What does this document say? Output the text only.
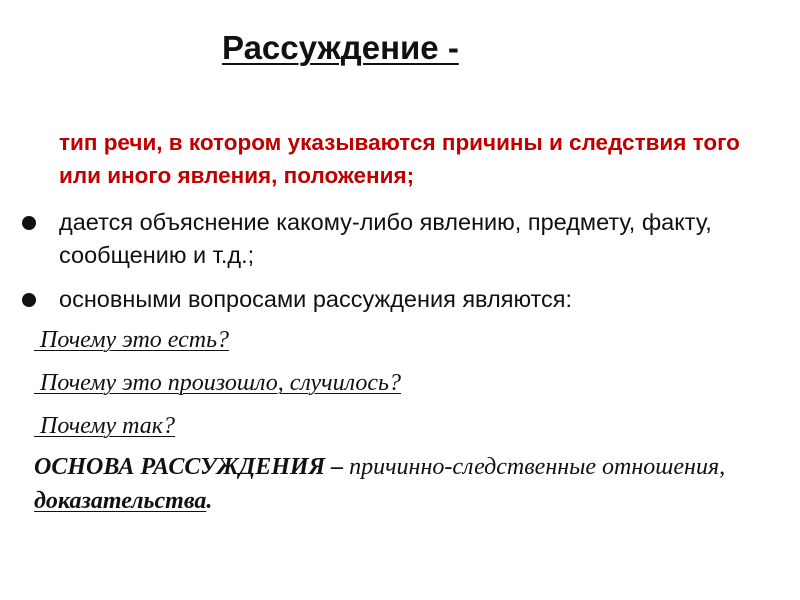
Рассуждение -
тип речи, в котором указываются причины и следствия того или иного явления, положения;
дается объяснение какому-либо явлению, предмету, факту, сообщению и т.д.;
основными вопросами рассуждения являются:
Почему это есть?
Почему это произошло, случилось?
Почему так?
ОСНОВА РАССУЖДЕНИЯ – причинно-следственные отношения, доказательства.
